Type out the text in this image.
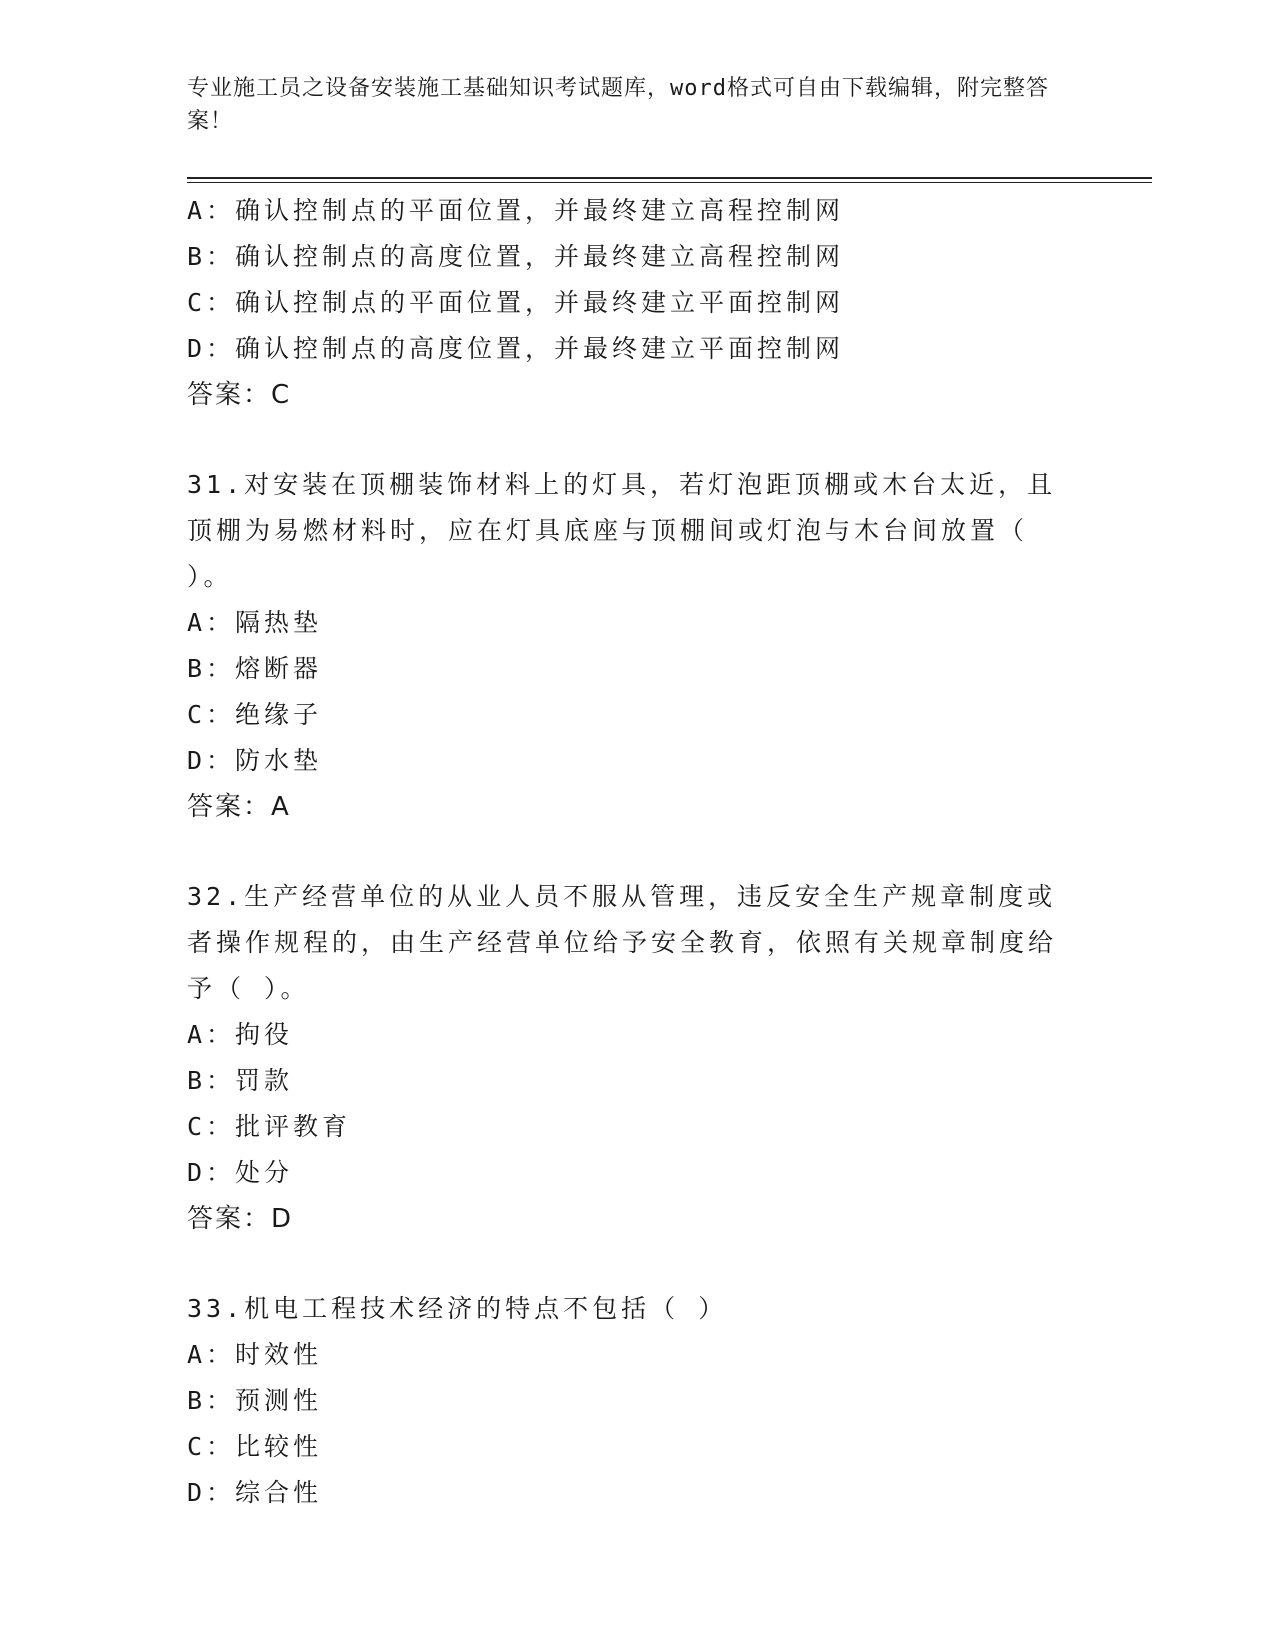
专业施工员之设备安装施工基础知识考试题库，word格式可自由下载编辑，附完整答案！
A：确认控制点的平面位置，并最终建立高程控制网
B：确认控制点的高度位置，并最终建立高程控制网
C：确认控制点的平面位置，并最终建立平面控制网
D：确认控制点的高度位置，并最终建立平面控制网
答案：C
31.对安装在顶棚装饰材料上的灯具，若灯泡距顶棚或木台太近，且顶棚为易燃材料时，应在灯具底座与顶棚间或灯泡与木台间放置（ ）。
A：隔热垫
B：熔断器
C：绝缘子
D：防水垫
答案：A
32.生产经营单位的从业人员不服从管理，违反安全生产规章制度或者操作规程的，由生产经营单位给予安全教育，依照有关规章制度给予（ ）。
A：拘役
B：罚款
C：批评教育
D：处分
答案：D
33.机电工程技术经济的特点不包括（ ）
A：时效性
B：预测性
C：比较性
D：综合性
